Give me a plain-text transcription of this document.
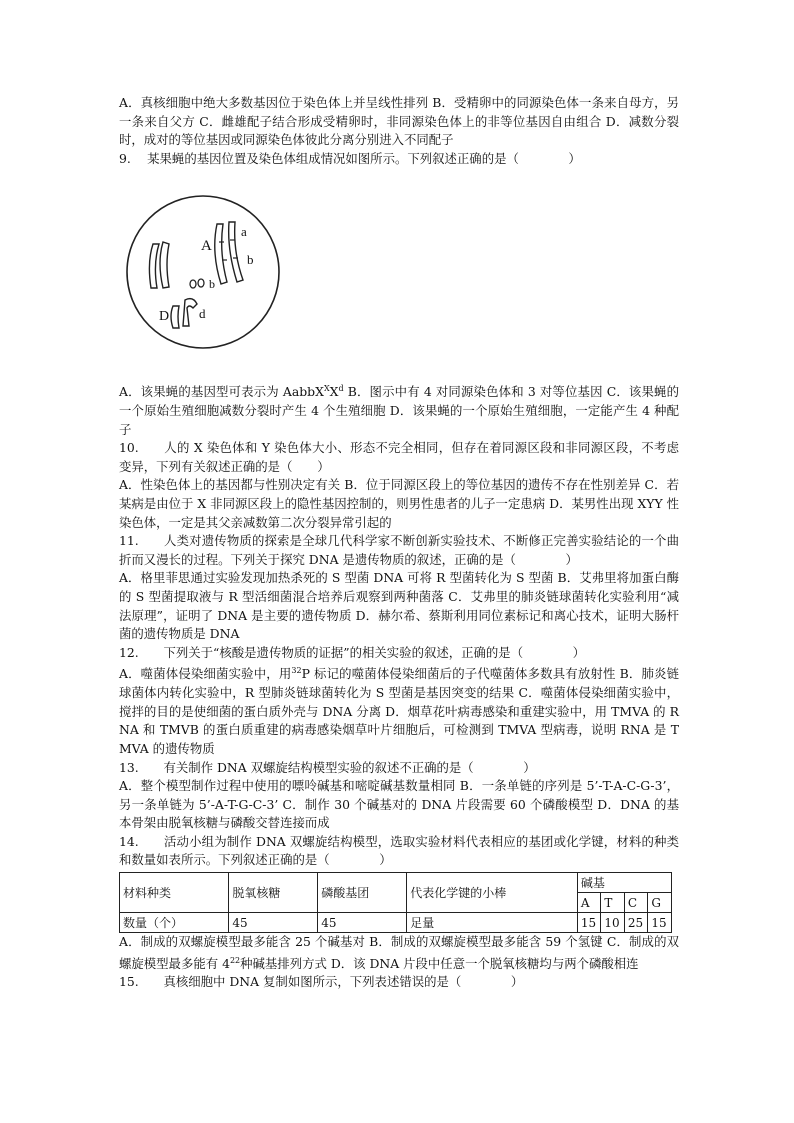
A．真核细胞中绝大多数基因位于染色体上并呈线性排列 B．受精卵中的同源染色体一条来自母方，另一条来自父方 C．雌雄配子结合形成受精卵时，非同源染色体上的非等位基因自由组合 D．减数分裂时，成对的等位基因或同源染色体彼此分离分别进入不同配子

9.　 某果蝇的基因位置及染色体组成情况如图所示。下列叙述正确的是（　　　　）

A
a
b
b
D d

A．该果蝇的基因型可表示为 $AabbX^XX^d$ B．图示中有 4 对同源染色体和 3 对等位基因 C．该果蝇的一个原始生殖细胞减数分裂时产生 4 个生殖细胞 D．该果蝇的一个原始生殖细胞，一定能产生 4 种配子

10.　　人的 X 染色体和 Y 染色体大小、形态不完全相同，但存在着同源区段和非同源区段，不考虑变异，下列有关叙述正确的是（　　）

A．性染色体上的基因都与性别决定有关 B．位于同源区段上的等位基因的遗传不存在性别差异 C．若某病是由位于 X 非同源区段上的隐性基因控制的，则男性患者的儿子一定患病 D．某男性出现 XYY 性染色体，一定是其父亲减数第二次分裂异常引起的

11.　　人类对遗传物质的探索是全球几代科学家不断创新实验技术、不断修正完善实验结论的一个曲折而又漫长的过程。下列关于探究 DNA 是遗传物质的叙述，正确的是（　　　　）

A．格里菲思通过实验发现加热杀死的 S 型菌 DNA 可将 R 型菌转化为 S 型菌 B．艾弗里将加蛋白酶的 S 型菌提取液与 R 型活细菌混合培养后观察到两种菌落 C．艾弗里的肺炎链球菌转化实验利用“减法原理”，证明了 DNA 是主要的遗传物质 D．赫尔希、蔡斯利用同位素标记和离心技术，证明大肠杆菌的遗传物质是 DNA

12.　　下列关于“核酸是遗传物质的证据”的相关实验的叙述，正确的是（　　　　）

A．噬菌体侵染细菌实验中，用$^{32}$P 标记的噬菌体侵染细菌后的子代噬菌体多数具有放射性 B．肺炎链球菌体内转化实验中，R 型肺炎链球菌转化为 S 型菌是基因突变的结果 C．噬菌体侵染细菌实验中，搅拌的目的是使细菌的蛋白质外壳与 DNA 分离 D．烟草花叶病毒感染和重建实验中，用 TMVA 的 RNA 和 TMVB 的蛋白质重建的病毒感染烟草叶片细胞后，可检测到 TMVA 型病毒，说明 RNA 是 TMVA 的遗传物质

13.　　有关制作 DNA 双螺旋结构模型实验的叙述不正确的是（　　　　）

A．整个模型制作过程中使用的嘌呤碱基和嘧啶碱基数量相同 B．一条单链的序列是 5’-T-A-C-G-3’，另一条单链为 5’-A-T-G-C-3’ C．制作 30 个碱基对的 DNA 片段需要 60 个磷酸模型 D．DNA 的基本骨架由脱氧核糖与磷酸交替连接而成

14.　　活动小组为制作 DNA 双螺旋结构模型，选取实验材料代表相应的基团或化学键，材料的种类和数量如表所示。下列叙述正确的是（　　　　）

材料种类	脱氧核糖	磷酸基团	代表化学键的小棒	碱基			
				A	T	C	G
数量（个）	45	45	足量	15	10	25	15

A．制成的双螺旋模型最多能含 25 个碱基对 B．制成的双螺旋模型最多能含 59 个氢键 C．制成的双螺旋模型最多能有 $4^{22}$种碱基排列方式 D．该 DNA 片段中任意一个脱氧核糖均与两个磷酸相连

15.　　真核细胞中 DNA 复制如图所示，下列表述错误的是（　　　　）
